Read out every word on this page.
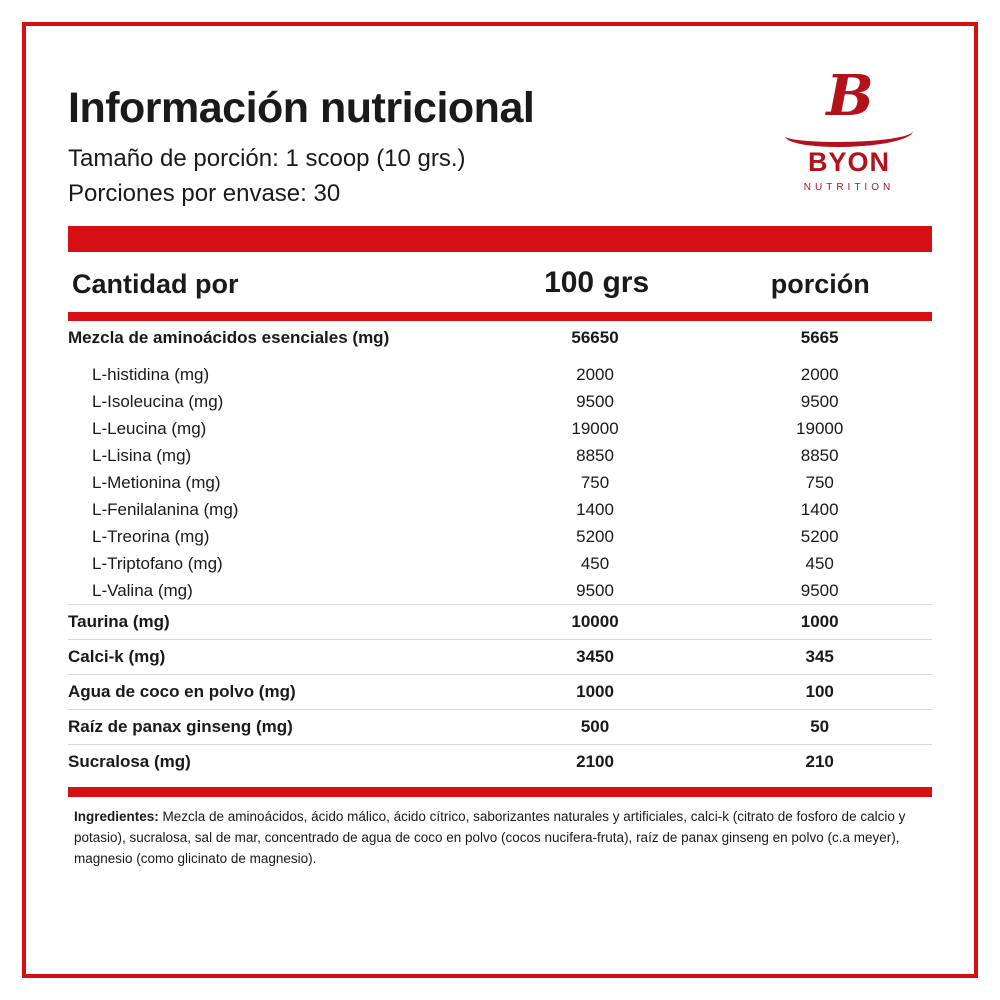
Información nutricional
Tamaño de porción: 1 scoop (10 grs.)
Porciones por envase: 30
B
BYON
NUTRITION
Cantidad por	100 grs	porción
Mezcla de aminoácidos esenciales (mg)	56650	5665
L-histidina (mg)	2000	2000
L-Isoleucina (mg)	9500	9500
L-Leucina (mg)	19000	19000
L-Lisina (mg)	8850	8850
L-Metionina (mg)	750	750
L-Fenilalanina (mg)	1400	1400
L-Treorina (mg)	5200	5200
L-Triptofano (mg)	450	450
L-Valina (mg)	9500	9500
Taurina (mg)	10000	1000
Calci-k (mg)	3450	345
Agua de coco en polvo (mg)	1000	100
Raíz de panax ginseng (mg)	500	50
Sucralosa (mg)	2100	210
Ingredientes: Mezcla de aminoácidos, ácido málico, ácido cítrico, saborizantes naturales y artificiales, calci-k (citrato de fosforo de calcio y potasio), sucralosa, sal de mar, concentrado de agua de coco en polvo (cocos nucifera-fruta), raíz de panax ginseng en polvo (c.a meyer), magnesio (como glicinato de magnesio).
